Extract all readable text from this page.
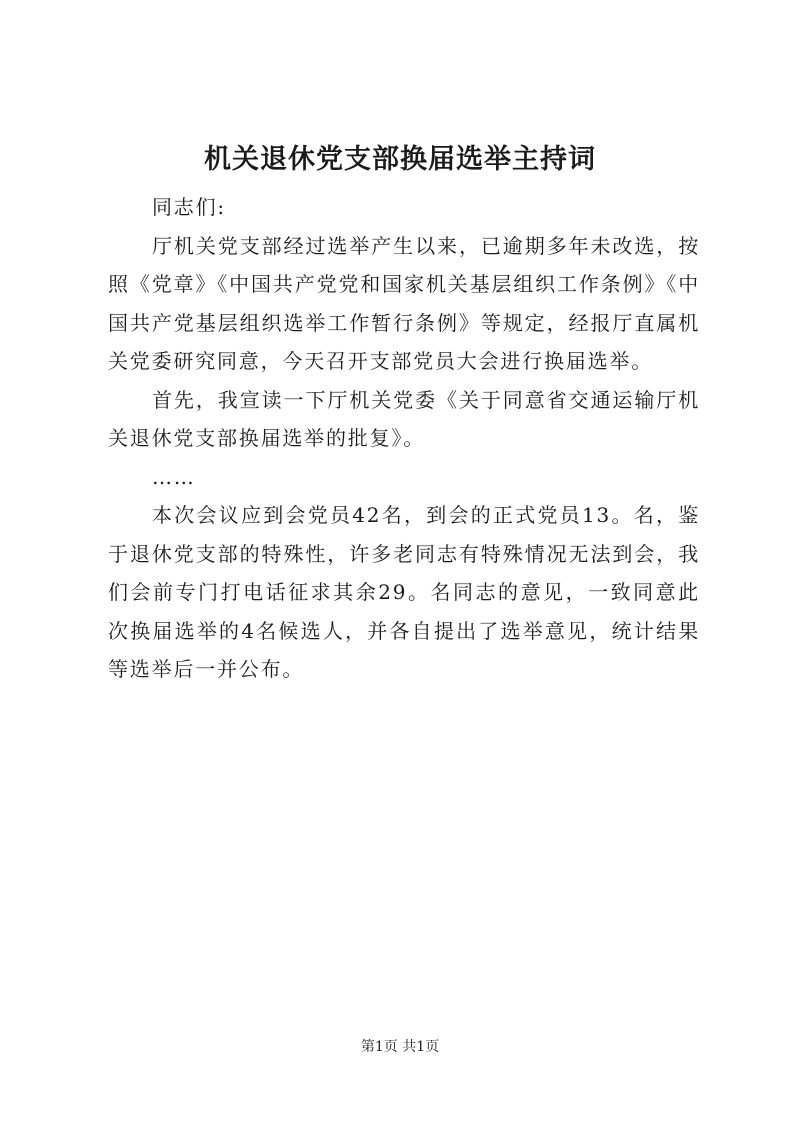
机关退休党支部换届选举主持词

同志们:

厅机关党支部经过选举产生以来，已逾期多年未改选，按照《党章》《中国共产党党和国家机关基层组织工作条例》《中国共产党基层组织选举工作暂行条例》等规定，经报厅直属机关党委研究同意，今天召开支部党员大会进行换届选举。

首先，我宣读一下厅机关党委《关于同意省交通运输厅机关退休党支部换届选举的批复》。

……

本次会议应到会党员42名，到会的正式党员13。名，鉴于退休党支部的特殊性，许多老同志有特殊情况无法到会，我们会前专门打电话征求其余29。名同志的意见，一致同意此次换届选举的4名候选人，并各自提出了选举意见，统计结果等选举后一并公布。

第1页 共1页
